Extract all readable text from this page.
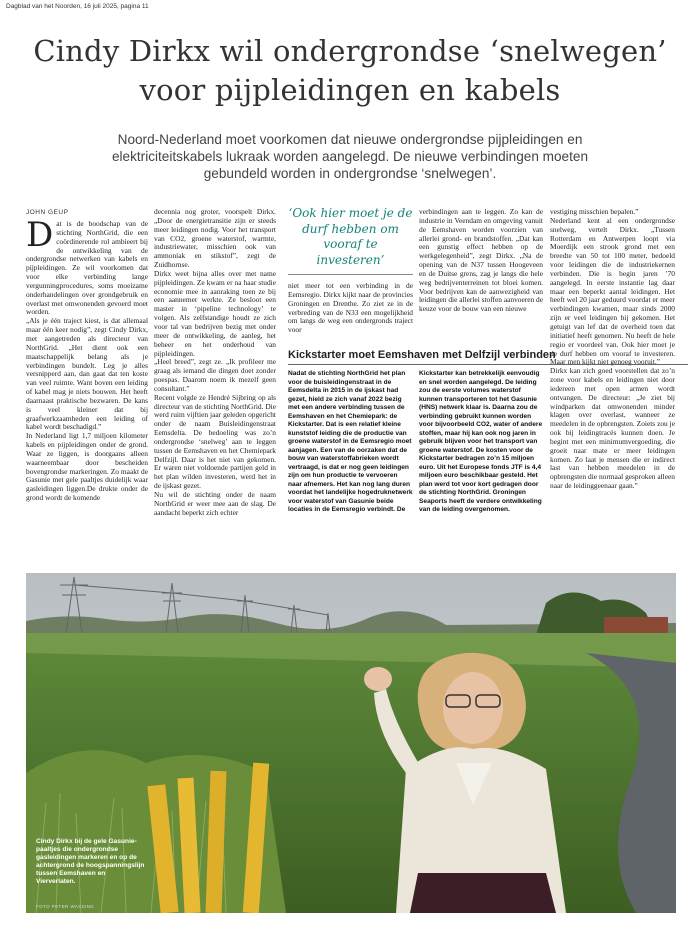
Dagblad van het Noorden, 16 juli 2025, pagina 11
Cindy Dirkx wil ondergrondse ‘snelwegen’ voor pijpleidingen en kabels

Noord-Nederland moet voorkomen dat nieuwe ondergrondse pijpleidingen en elektriciteitskabels lukraak worden aangelegd. De nieuwe verbindingen moeten gebundeld worden in ondergrondse ‘snelwegen’.

JOHN GEUP

Dat is de boodschap van de stichting NorthGrid, die een coördinerende rol ambieert bij de ontwikkeling van de ondergrondse netwerken van kabels en pijpleidingen. Ze wil voorkomen dat voor elke verbinding lange vergunningprocedures, soms moeizame onderhandelingen over grondgebruik en overlast met omwonenden gevoerd moet worden.

„Als je één traject kiest, is dat allemaal maar één keer nodig”, zegt Cindy Dirkx, met aangetreden als directeur van NorthGrid. „Het dient ook een maatschappelijk belang als je verbindingen bundelt. Leg je alles versnipperd aan, dan gaat dat ten koste van veel ruimte. Want boven een leiding of kabel mag je niets bouwen. Het heeft daarnaast praktische bezwaren. De kans is veel kleiner dat bij graafwerkzaamheden een leiding of kabel wordt beschadigd.”

In Nederland ligt 1,7 miljoen kilometer kabels en pijpleidingen onder de grond. Waar ze liggen, is doorgaans alleen waarneembaar door bescheiden bovengrondse markeringen. Zo maakt de Gasunie met gele paaltjes duidelijk waar gasleidingen liggen.De drukte onder de grond wordt de komende

decennia nog groter, voorspelt Dirkx. „Door de energietransitie zijn er steeds meer leidingen nodig. Voor het transport van CO2, groene waterstof, warmte, industriewater, misschien ook van ammoniak en stikstof”, zegt de Zuidhornse.

Dirkx weet bijna alles over met name pijpleidingen. Ze kwam er na haar studie economie mee in aanraking toen ze bij een aannemer werkte. Ze besloot een master in ‘pipeline technology’ te volgen. Als zelfstandige houdt ze zich voor tal van bedrijven bezig met onder meer de ontwikkeling, de aanleg, het beheer en het onderhoud van pijpleidingen.

„Heel breed”, zegt ze. „Ik profileer me graag als iemand die dingen doet zonder poespas. Daarom noem ik mezelf geen consultant.”

Recent volgde ze Hendré Sijbring op als directeur van de stichting NorthGrid. Die werd ruim vijftien jaar geleden opgericht onder de naam Buisleidingenstraat Eemsdelta. De bedoeling was zo’n ondergrondse ‘snelweg’ aan te leggen tussen de Eemshaven en het Chemiepark Delfzijl. Daar is het niet van gekomen. Er waren niet voldoende partijen geld in het plan wilden investeren, werd het in de ijskast gezet.

Nu wil de stichting onder de naam NorthGrid er weer mee aan de slag. De aandacht beperkt zich echter

‘Ook hier moet je de durf hebben om vooraf te investeren’

niet meer tot een verbinding in de Eemsregio. Dirkx kijkt naar de provincies Groningen en Drenthe. Zo ziet ze in de verbreding van de N33 een mogelijkheid om langs de weg een ondergronds traject voor

verbindingen aan te leggen. Zo kan de industrie in Veendam en omgeving vanuit de Eemshaven worden voorzien van allerlei grond- en brandstoffen. „Dat kan een gunstig effect hebben op de werkgelegenheid”, zegt Dirkx. „Na de opening van de N37 tussen Hoogeveen en de Duitse grens, zag je langs die hele weg bedrijventerreinen tot bloei komen. Voor bedrijven kan de aanwezigheid van leidingen die allerlei stoffen aanvoeren de keuze voor de bouw van een nieuwe

vestiging misschien bepalen.”

Nederland kent al een ondergrondse snelweg, vertelt Dirkx. „Tussen Rotterdam en Antwerpen loopt via Moerdijk een strook grond met een breedte van 50 tot 100 meter, bedoeld voor leidingen die de industriekernen verbinden. Die is begin jaren ’70 aangelegd. In eerste instantie lag daar maar een beperkt aantal leidingen. Het heeft wel 20 jaar geduurd voordat er meer verbindingen kwamen, maar sinds 2000 zijn er veel leidingen bij gekomen. Het getuigt van lef dat de overheid toen dat initiatief heeft genomen. Nu heeft de hele regio er voordeel van. Ook hier moet je de durf hebben om vooraf te investeren. Maar men kijkt niet genoeg vooruit.”

Dirkx kan zich goed voorstellen dat zo’n zone voor kabels en leidingen niet door iedereen met open armen wordt ontvangen. De directeur: „Je ziet bij windparken dat omwonenden minder klagen over overlast, wanneer ze meedelen in de opbrengsten. Zoiets zou je ook bij leidingtracés kunnen doen. Je begint met een minimumvergoeding, die groeit naar mate er meer leidingen komen. Zo laat je mensen die er indirect last van hebben meedelen in de opbrengsten die normaal gesproken alleen naar de leidinggeenaar gaan.”

Kickstarter moet Eemshaven met Delfzijl verbinden
Nadat de stichting NorthGrid het plan voor de buisleidingenstraat in de Eemsdelta in 2015 in de ijskast had gezet, hield ze zich vanaf 2022 bezig met een andere verbinding tussen de Eemshaven en het Chemiepark: de Kickstarter. Dat is een relatief kleine kunststof leiding die de productie van groene waterstof in de Eemsregio moet aanjagen. Een van de oorzaken dat de bouw van waterstoffabrieken wordt vertraagd, is dat er nog geen leidingen zijn om hun productie te vervoeren naar afnemers. Het kan nog lang duren voordat het landelijke hogedruknetwerk voor waterstof van Gasunie beide locaties in de Eemsregio verbindt. De
Kickstarter kan betrekkelijk eenvoudig en snel worden aangelegd. De leiding zou de eerste volumes waterstof kunnen transporteren tot het Gasunie (HNS) netwerk klaar is. Daarna zou de verbinding gebruikt kunnen worden voor bijvoorbeeld CO2, water of andere stoffen, maar hij kan ook nog jaren in gebruik blijven voor het transport van groene waterstof. De kosten voor de Kickstarter bedragen zo’n 15 miljoen euro. Uit het Europese fonds JTF is 4,4 miljoen euro beschikbaar gesteld. Het plan werd tot voor kort gedragen door de stichting NorthGrid. Groningen Seaports heeft de verdere ontwikkeling van de leiding overgenomen.
Cindy Dirkx bij de gele Gasunie-paaltjes die ondergrondse gasleidingen markeren en op de achtergrond de hoogspanningslijn tussen Eemshaven en Vierverlaten.
FOTO PETER WASSING
